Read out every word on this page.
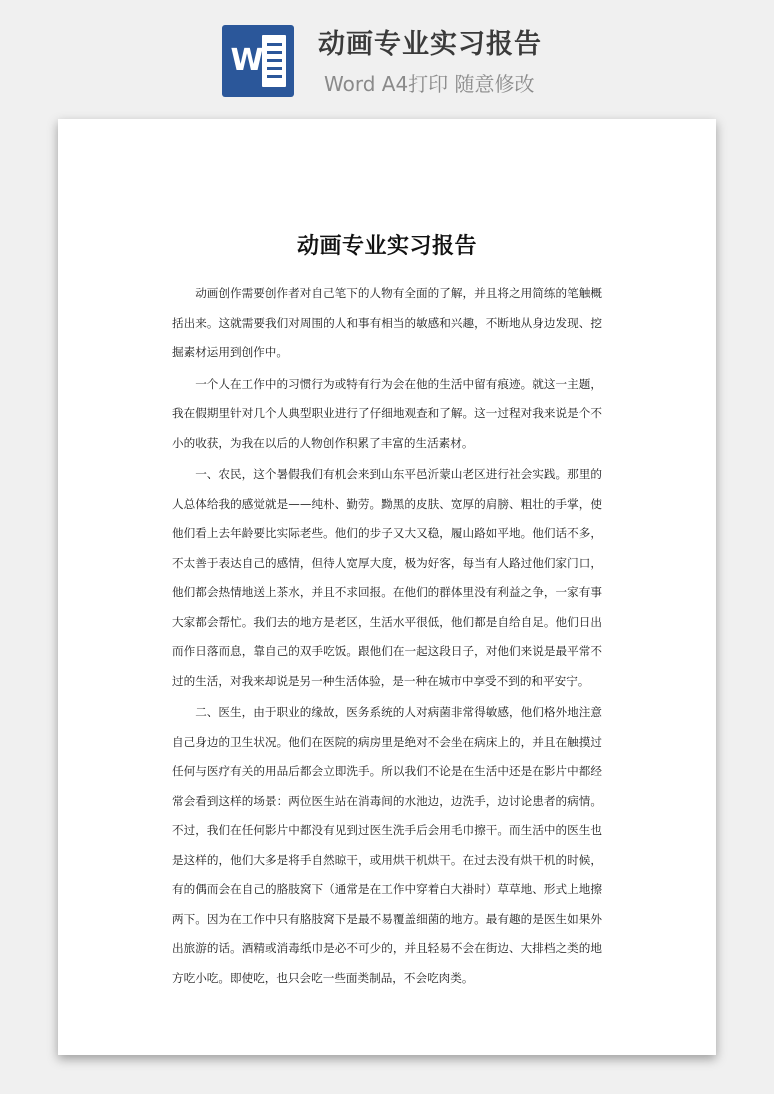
W 动画专业实习报告
Word A4打印 随意修改
动画专业实习报告

动画创作需要创作者对自己笔下的人物有全面的了解，并且将之用简练的笔触概括出来。这就需要我们对周围的人和事有相当的敏感和兴趣，不断地从身边发现、挖掘素材运用到创作中。

一个人在工作中的习惯行为或特有行为会在他的生活中留有痕迹。就这一主题，我在假期里针对几个人典型职业进行了仔细地观查和了解。这一过程对我来说是个不小的收获，为我在以后的人物创作积累了丰富的生活素材。

一、农民，这个暑假我们有机会来到山东平邑沂蒙山老区进行社会实践。那里的人总体给我的感觉就是——纯朴、勤劳。黝黑的皮肤、宽厚的肩膀、粗壮的手掌，使他们看上去年龄要比实际老些。他们的步子又大又稳，履山路如平地。他们话不多，不太善于表达自己的感情，但待人宽厚大度，极为好客，每当有人路过他们家门口，他们都会热情地送上茶水，并且不求回报。在他们的群体里没有利益之争，一家有事大家都会帮忙。我们去的地方是老区，生活水平很低，他们都是自给自足。他们日出而作日落而息，靠自己的双手吃饭。跟他们在一起这段日子，对他们来说是最平常不过的生活，对我来却说是另一种生活体验，是一种在城市中享受不到的和平安宁。

二、医生，由于职业的缘故，医务系统的人对病菌非常得敏感，他们格外地注意自己身边的卫生状况。他们在医院的病房里是绝对不会坐在病床上的，并且在触摸过任何与医疗有关的用品后都会立即洗手。所以我们不论是在生活中还是在影片中都经常会看到这样的场景：两位医生站在消毒间的水池边，边洗手，边讨论患者的病情。不过，我们在任何影片中都没有见到过医生洗手后会用毛巾擦干。而生活中的医生也是这样的，他们大多是将手自然晾干，或用烘干机烘干。在过去没有烘干机的时候，有的偶而会在自己的胳肢窝下（通常是在工作中穿着白大褂时）草草地、形式上地擦两下。因为在工作中只有胳肢窝下是最不易覆盖细菌的地方。最有趣的是医生如果外出旅游的话。酒精或消毒纸巾是必不可少的，并且轻易不会在街边、大排档之类的地方吃小吃。即使吃，也只会吃一些面类制品，不会吃肉类。
